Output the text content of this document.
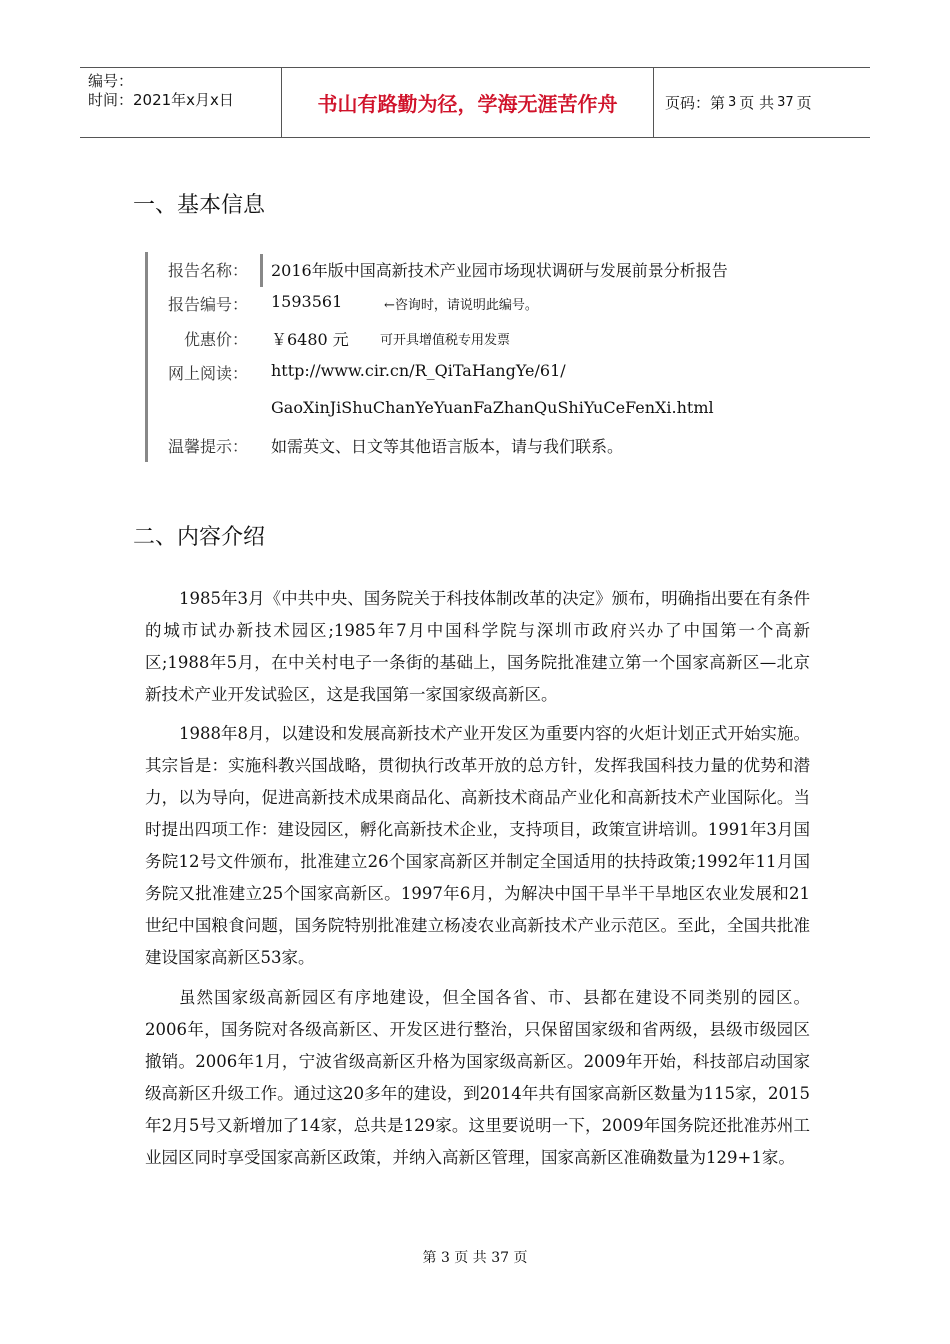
编号：
时间：2021年x月x日	书山有路勤为径，学海无涯苦作舟	页码：第 3 页 共 37 页
一、基本信息
报告名称： 2016年版中国高新技术产业园市场现状调研与发展前景分析报告
报告编号： 1593561	←咨询时，请说明此编号。
优惠价： ￥6480 元 可开具增值税专用发票
网上阅读： http://www.cir.cn/R_QiTaHangYe/61/
GaoXinJiShuChanYeYuanFaZhanQuShiYuCeFenXi.html
温馨提示： 如需英文、日文等其他语言版本，请与我们联系。
二、内容介绍

1985年3月《中共中央、国务院关于科技体制改革的决定》颁布，明确指出要在有条件的城市试办新技术园区;1985年7月中国科学院与深圳市政府兴办了中国第一个高新区;1988年5月，在中关村电子一条街的基础上，国务院批准建立第一个国家高新区—北京新技术产业开发试验区，这是我国第一家国家级高新区。

1988年8月，以建设和发展高新技术产业开发区为重要内容的火炬计划正式开始实施。其宗旨是：实施科教兴国战略，贯彻执行改革开放的总方针，发挥我国科技力量的优势和潜力，以为导向，促进高新技术成果商品化、高新技术商品产业化和高新技术产业国际化。当时提出四项工作：建设园区，孵化高新技术企业，支持项目，政策宣讲培训。1991年3月国务院12号文件颁布，批准建立26个国家高新区并制定全国适用的扶持政策;1992年11月国务院又批准建立25个国家高新区。1997年6月，为解决中国干旱半干旱地区农业发展和21世纪中国粮食问题，国务院特别批准建立杨凌农业高新技术产业示范区。至此，全国共批准建设国家高新区53家。

虽然国家级高新园区有序地建设，但全国各省、市、县都在建设不同类别的园区。2006年，国务院对各级高新区、开发区进行整治，只保留国家级和省两级，县级市级园区撤销。2006年1月，宁波省级高新区升格为国家级高新区。2009年开始，科技部启动国家级高新区升级工作。通过这20多年的建设，到2014年共有国家高新区数量为115家，2015年2月5号又新增加了14家，总共是129家。这里要说明一下，2009年国务院还批准苏州工业园区同时享受国家高新区政策，并纳入高新区管理，国家高新区准确数量为129+1家。

第 3 页 共 37 页
